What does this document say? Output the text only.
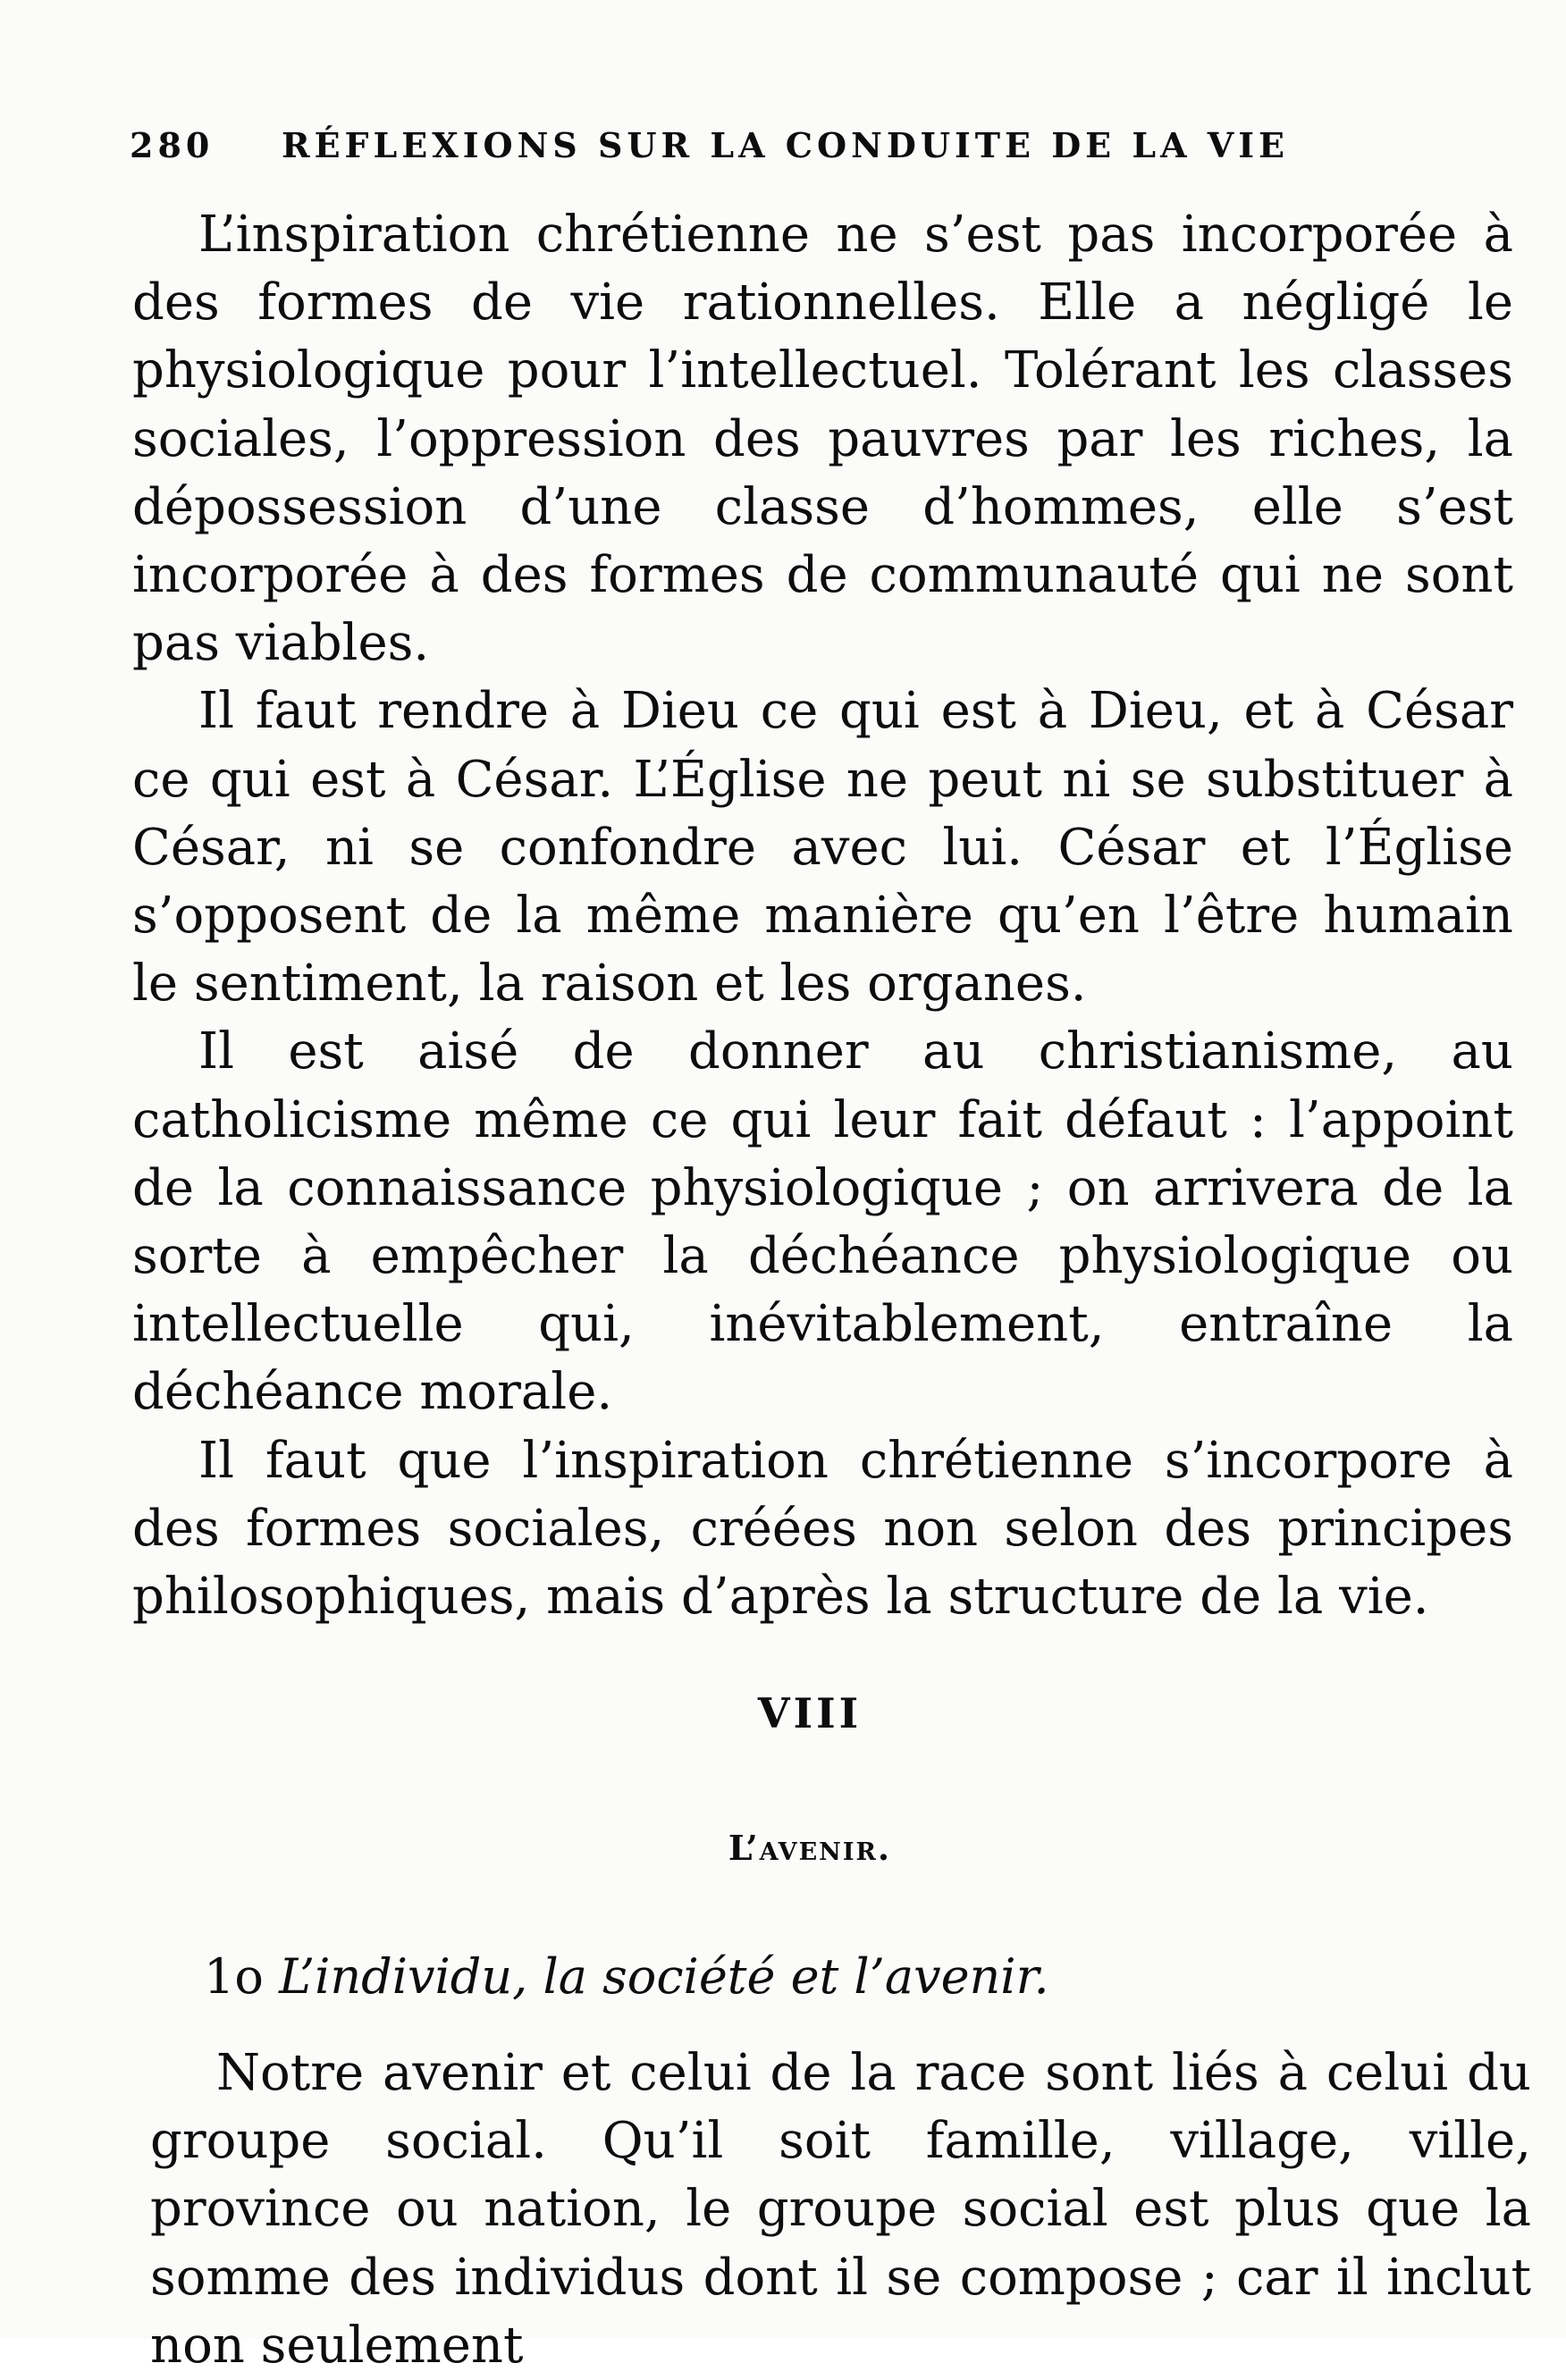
280 RÉFLEXIONS SUR LA CONDUITE DE LA VIE

L’inspiration chrétienne ne s’est pas incorporée à des formes de vie rationnelles. Elle a négligé le physiologique pour l’intellectuel. Tolérant les classes sociales, l’oppression des pauvres par les riches, la dépossession d’une classe d’hommes, elle s’est incorporée à des formes de communauté qui ne sont pas viables.

Il faut rendre à Dieu ce qui est à Dieu, et à César ce qui est à César. L’Église ne peut ni se substituer à César, ni se confondre avec lui. César et l’Église s’opposent de la même manière qu’en l’être humain le sentiment, la raison et les organes.

Il est aisé de donner au christianisme, au catholicisme même ce qui leur fait défaut : l’appoint de la connaissance physiologique ; on arrivera de la sorte à empêcher la déchéance physiologique ou intellectuelle qui, inévitablement, entraîne la déchéance morale.

Il faut que l’inspiration chrétienne s’incorpore à des formes sociales, créées non selon des principes philosophiques, mais d’après la structure de la vie.

VIII
L’avenir.
1o L’individu, la société et l’avenir.

Notre avenir et celui de la race sont liés à celui du groupe social. Qu’il soit famille, village, ville, province ou nation, le groupe social est plus que la somme des individus dont il se compose ; car il inclut non seulement
